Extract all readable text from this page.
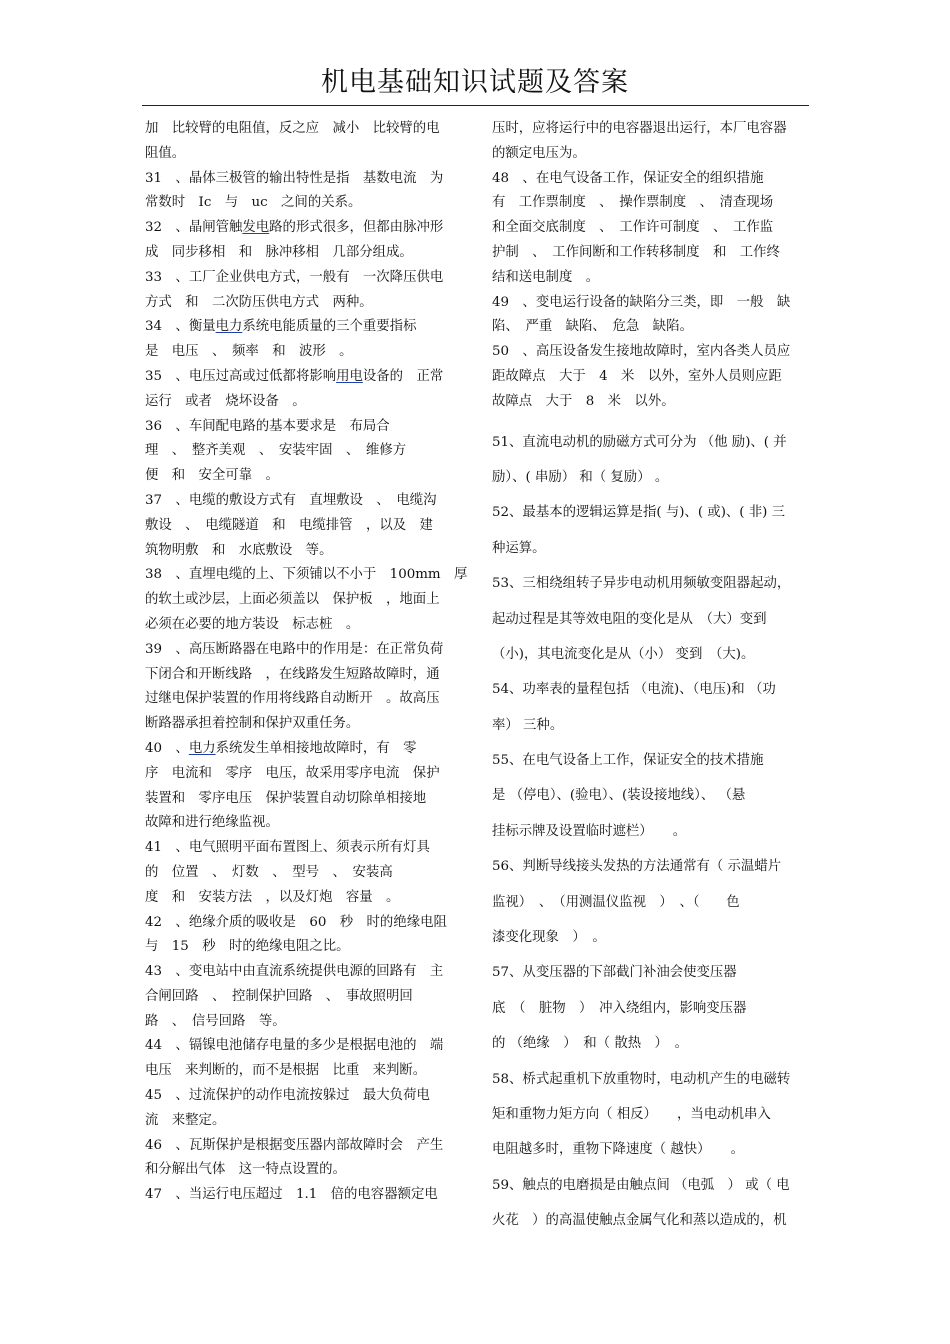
机电基础知识试题及答案
加　比较臂的电阻值，反之应　减小　比较臂的电
阻值。
31　、晶体三极管的输出特性是指　基数电流　为
常数时　Ic　与　uc　之间的关系。
32　、晶闸管触发电路的形式很多，但都由脉冲形
成　同步移相　和　脉冲移相　几部分组成。
33　、工厂企业供电方式，一般有　一次降压供电
方式　和　二次防压供电方式　两种。
34　、衡量电力系统电能质量的三个重要指标
是　电压　、　频率　和　波形　。
35　、电压过高或过低都将影响用电设备的　正常
运行　或者　烧坏设备　。
36　、车间配电路的基本要求是　布局合
理　、　整齐美观　、　安装牢固　、　维修方
便　和　安全可靠　。
37　、电缆的敷设方式有　直埋敷设　、　电缆沟
敷设　、　电缆隧道　和　电缆排管　，以及　建
筑物明敷　和　水底敷设　等。
38　、直埋电缆的上、下须铺以不小于　100mm　厚
的软土或沙层，上面必须盖以　保护板　，地面上
必须在必要的地方装设　标志桩　。
39　、高压断路器在电路中的作用是：在正常负荷
下闭合和开断线路　，在线路发生短路故障时，通
过继电保护装置的作用将线路自动断开　。故高压
断路器承担着控制和保护双重任务。
40　、电力系统发生单相接地故障时，有　零
序　电流和　零序　电压，故采用零序电流　保护
装置和　零序电压　保护装置自动切除单相接地
故障和进行绝缘监视。
41　、电气照明平面布置图上、须表示所有灯具
的　位置　、　灯数　、　型号　、　安装高
度　和　安装方法　，以及灯炮　容量　。
42　、绝缘介质的吸收是　60　秒　时的绝缘电阻
与　15　秒　时的绝缘电阻之比。
43　、变电站中由直流系统提供电源的回路有　主
合闸回路　、　控制保护回路　、　事故照明回
路　、　信号回路　等。
44　、镉镍电池储存电量的多少是根据电池的　端
电压　来判断的，而不是根据　比重　来判断。
45　、过流保护的动作电流按躲过　最大负荷电
流　来整定。
46　、瓦斯保护是根据变压器内部故障时会　产生
和分解出气体　这一特点设置的。
47　、当运行电压超过　1.1　倍的电容器额定电
压时，应将运行中的电容器退出运行，本厂电容器
的额定电压为。
48　、在电气设备工作，保证安全的组织措施
有　工作票制度　、　操作票制度　、　清查现场
和全面交底制度　、　工作许可制度　、　工作监
护制　、　工作间断和工作转移制度　和　工作终
结和送电制度　。
49　、变电运行设备的缺陷分三类，即　一般　缺
陷、　严重　缺陷、　危急　缺陷。
50　、高压设备发生接地故障时，室内各类人员应
距故障点　大于　4　米　以外，室外人员则应距
故障点　大于　8　米　以外。
51、直流电动机的励磁方式可分为 （他 励)、( 并
励）、( 串励） 和（ 复励） 。
52、最基本的逻辑运算是指( 与)、( 或)、( 非) 三
种运算。
53、三相绕组转子异步电动机用频敏变阻器起动，
起动过程是其等效电阻的变化是从　（大）变到
（小)，其电流变化是从（小） 变到　（大)。
54、功率表的量程包括 （电流)、（电压)和 （功
率） 三种。
55、在电气设备上工作，保证安全的技术措施
是 （停电）、(验电）、(装设接地线）、 （悬
挂标示牌及设置临时遮栏）　　。
56、判断导线接头发热的方法通常有（ 示温蜡片
监视）　、　（用测温仪监视　）　、（　　色
漆变化现象　）　。
57、从变压器的下部截门补油会使变压器
底　（　脏物　）　冲入绕组内，影响变压器
的 （绝缘　）　和（ 散热　）　。
58、桥式起重机下放重物时，电动机产生的电磁转
矩和重物力矩方向（ 相反）　　，当电动机串入
电阻越多时，重物下降速度（ 越快）　　。
59、触点的电磨损是由触点间 （电弧　） 或（ 电
火花　）的高温使触点金属气化和蒸以造成的，机
